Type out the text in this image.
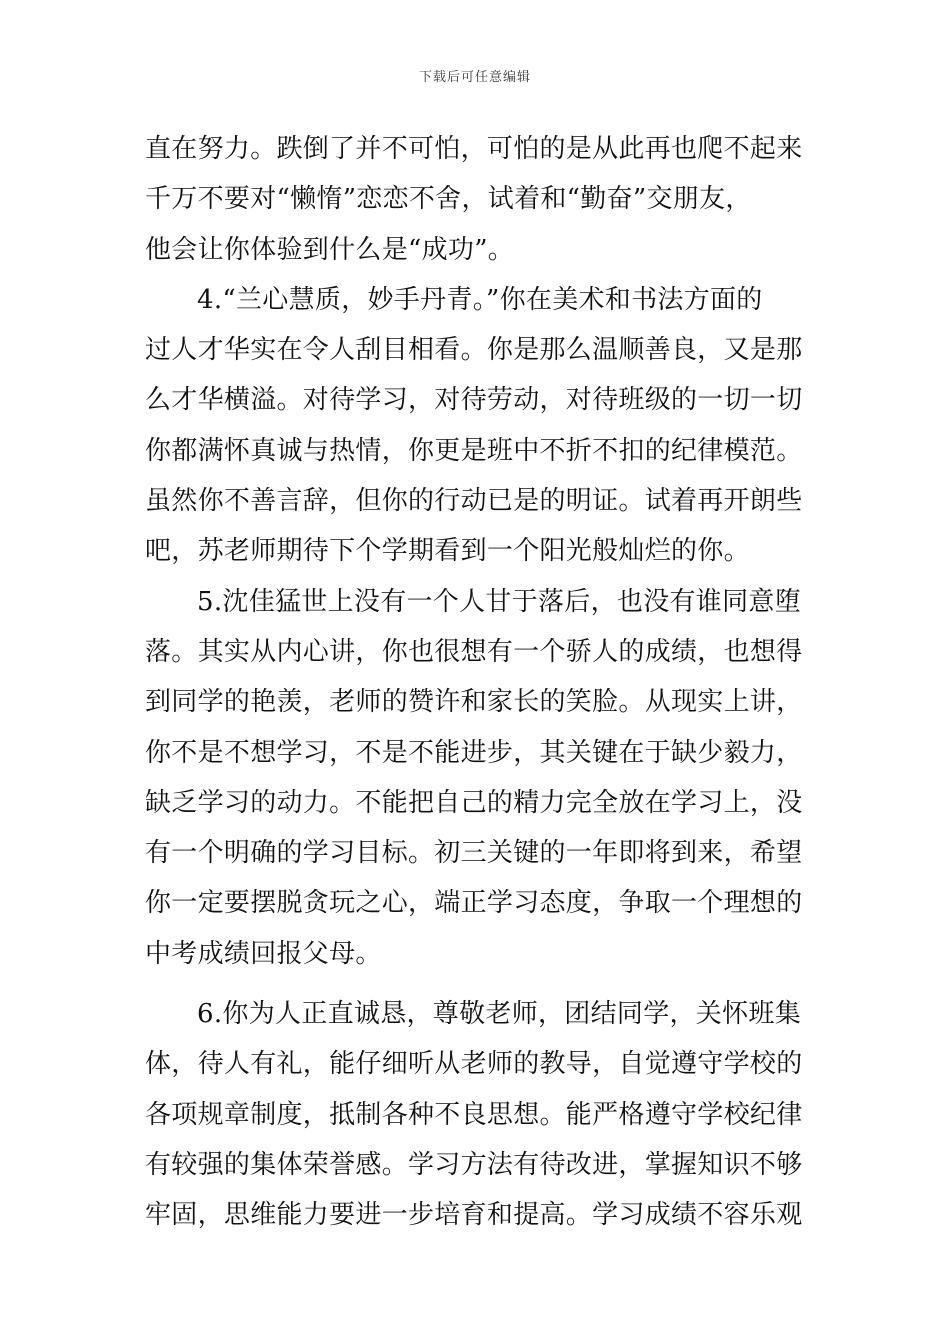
下载后可任意编辑
直在努力。跌倒了并不可怕，可怕的是从此再也爬不起来
千万不要对“懒惰”恋恋不舍，试着和“勤奋”交朋友，
他会让你体验到什么是“成功”。
4.“兰心慧质，妙手丹青。”你在美术和书法方面的
过人才华实在令人刮目相看。你是那么温顺善良，又是那
么才华横溢。对待学习，对待劳动，对待班级的一切一切
你都满怀真诚与热情，你更是班中不折不扣的纪律模范。
虽然你不善言辞，但你的行动已是的明证。试着再开朗些
吧，苏老师期待下个学期看到一个阳光般灿烂的你。
5.沈佳猛世上没有一个人甘于落后，也没有谁同意堕
落。其实从内心讲，你也很想有一个骄人的成绩，也想得
到同学的艳羡，老师的赞许和家长的笑脸。从现实上讲，
你不是不想学习，不是不能进步，其关键在于缺少毅力，
缺乏学习的动力。不能把自己的精力完全放在学习上，没
有一个明确的学习目标。初三关键的一年即将到来，希望
你一定要摆脱贪玩之心，端正学习态度，争取一个理想的
中考成绩回报父母。
6.你为人正直诚恳，尊敬老师，团结同学，关怀班集
体，待人有礼，能仔细听从老师的教导，自觉遵守学校的
各项规章制度，抵制各种不良思想。能严格遵守学校纪律
有较强的集体荣誉感。学习方法有待改进，掌握知识不够
牢固，思维能力要进一步培育和提高。学习成绩不容乐观
